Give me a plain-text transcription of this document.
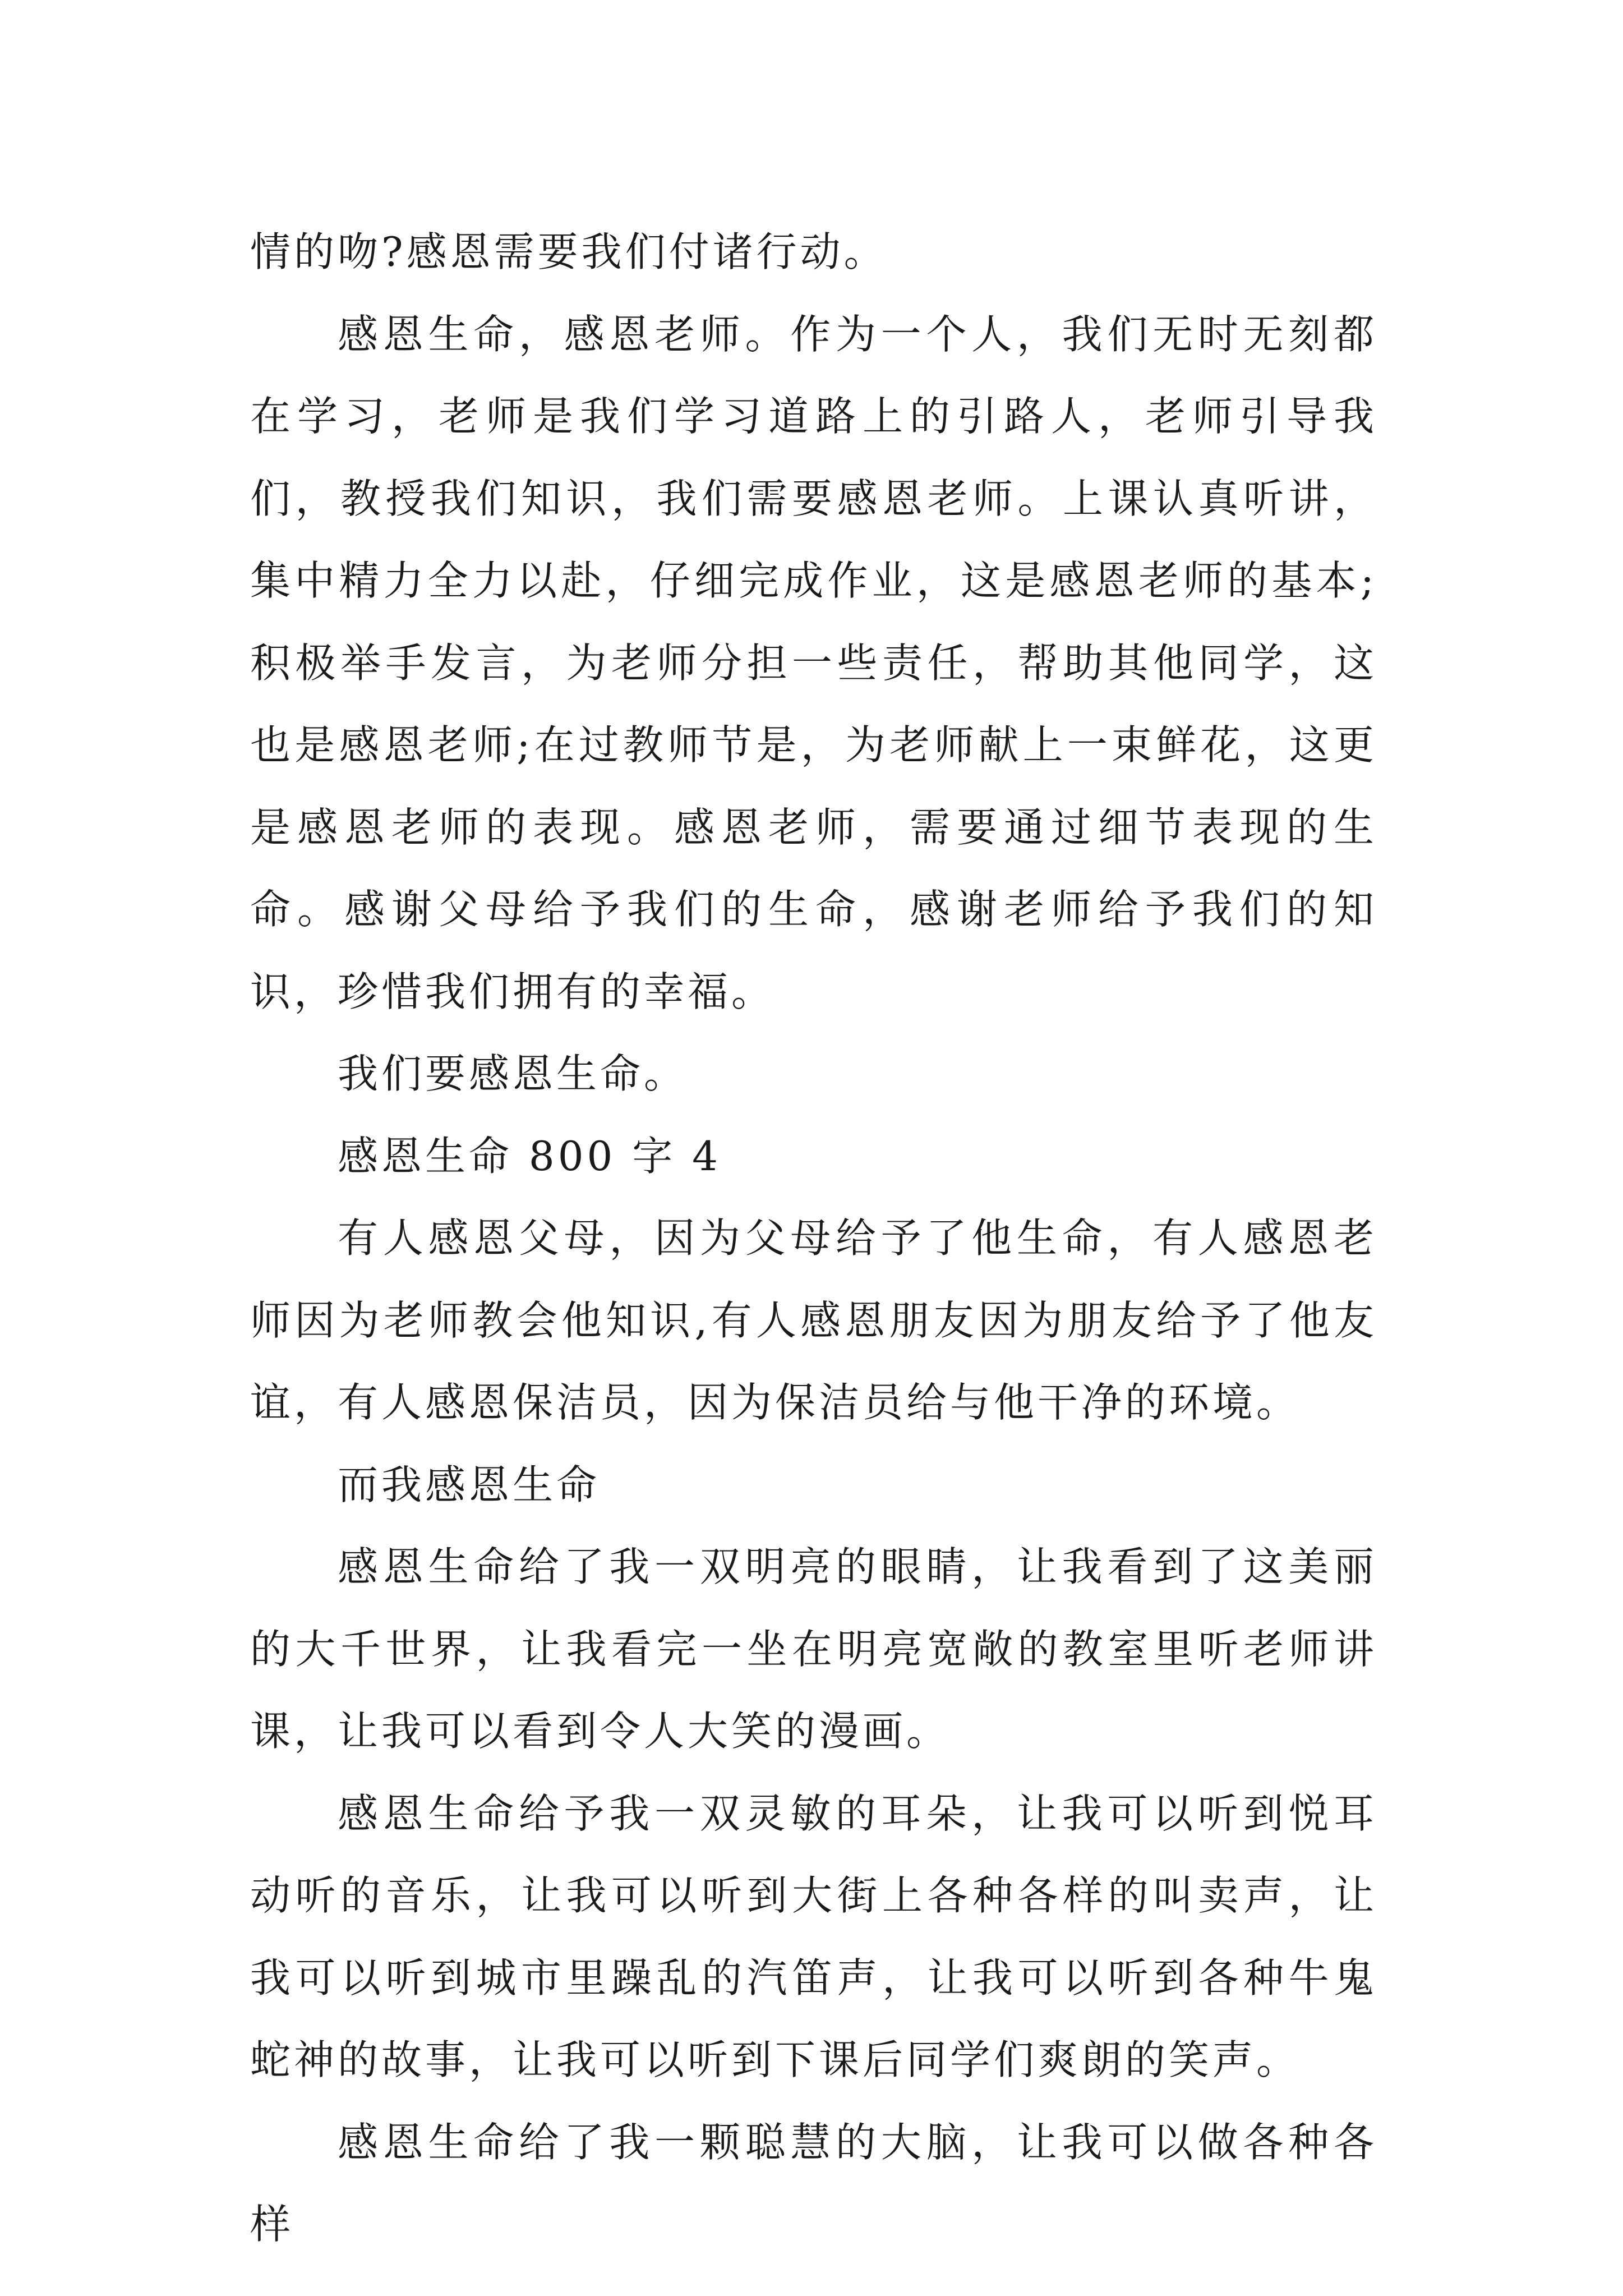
情的吻?感恩需要我们付诸行动。

感恩生命，感恩老师。作为一个人，我们无时无刻都在学习，老师是我们学习道路上的引路人，老师引导我们，教授我们知识，我们需要感恩老师。上课认真听讲，集中精力全力以赴，仔细完成作业，这是感恩老师的基本;积极举手发言，为老师分担一些责任，帮助其他同学，这也是感恩老师;在过教师节是，为老师献上一束鲜花，这更是感恩老师的表现。感恩老师，需要通过细节表现的生命。感谢父母给予我们的生命，感谢老师给予我们的知识，珍惜我们拥有的幸福。

我们要感恩生命。

感恩生命 800 字 4

有人感恩父母，因为父母给予了他生命，有人感恩老师因为老师教会他知识,有人感恩朋友因为朋友给予了他友谊，有人感恩保洁员，因为保洁员给与他干净的环境。

而我感恩生命

感恩生命给了我一双明亮的眼睛，让我看到了这美丽的大千世界，让我看完一坐在明亮宽敞的教室里听老师讲课，让我可以看到令人大笑的漫画。

感恩生命给予我一双灵敏的耳朵，让我可以听到悦耳动听的音乐，让我可以听到大街上各种各样的叫卖声，让我可以听到城市里躁乱的汽笛声，让我可以听到各种牛鬼蛇神的故事，让我可以听到下课后同学们爽朗的笑声。

感恩生命给了我一颗聪慧的大脑，让我可以做各种各样
